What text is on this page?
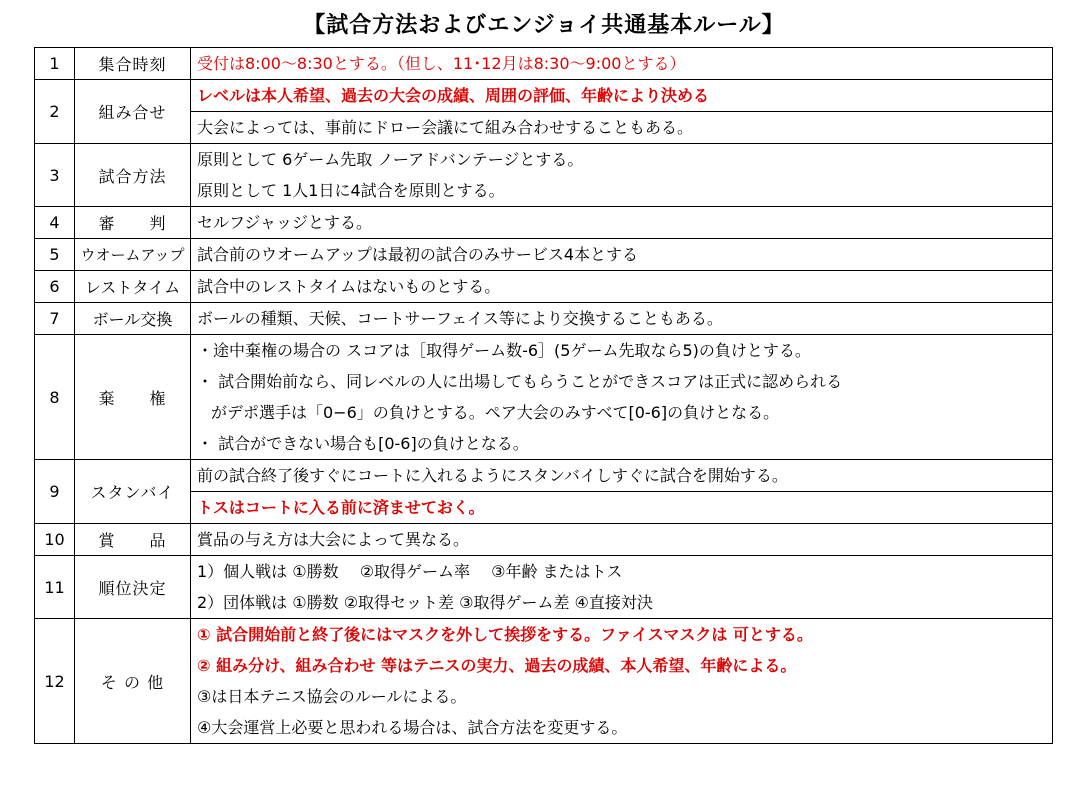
【試合方法およびエンジョイ共通基本ルール】
1	集合時刻	受付は8:00～8:30とする。（但し、11･12月は8:30～9:00とする）

2	組み合せ	レベルは本人希望、過去の大会の成績、周囲の評価、年齢により決める
大会によっては、事前にドロー会議にて組み合わせすることもある。

3	試合方法	原則として 6ゲーム先取 ノーアドバンテージとする。
原則として 1人1日に4試合を原則とする。

4	審　　判	セルフジャッジとする。

5	ウオームアップ	試合前のウオームアップは最初の試合のみサービス4本とする

6	レストタイム	試合中のレストタイムはないものとする。

7	ボール交換	ボールの種類、天候、コートサーフェイス等により交換することもある。

8	棄　　権	・途中棄権の場合の スコアは［取得ゲーム数-6］(5ゲーム先取なら5)の負けとする。
・ 試合開始前なら、同レベルの人に出場してもらうことができスコアは正式に認められる
がデポ選手は「0−6」の負けとする。ペア大会のみすべて[0-6]の負けとなる。
・ 試合ができない場合も[0-6]の負けとなる。

9	スタンバイ	前の試合終了後すぐにコートに入れるようにスタンバイしすぐに試合を開始する。
トスはコートに入る前に済ませておく。

10	賞　　品	賞品の与え方は大会によって異なる。

11	順位決定	1）個人戦は ①勝数　 ②取得ゲーム率　 ③年齢 またはトス
2）団体戦は ①勝数 ②取得セット差 ③取得ゲーム差 ④直接対決

12	そ の 他	① 試合開始前と終了後にはマスクを外して挨拶をする。ファイスマスクは 可とする。
② 組み分け、組み合わせ 等はテニスの実力、過去の成績、本人希望、年齢による。
③は日本テニス協会のルールによる。
④大会運営上必要と思われる場合は、試合方法を変更する。
